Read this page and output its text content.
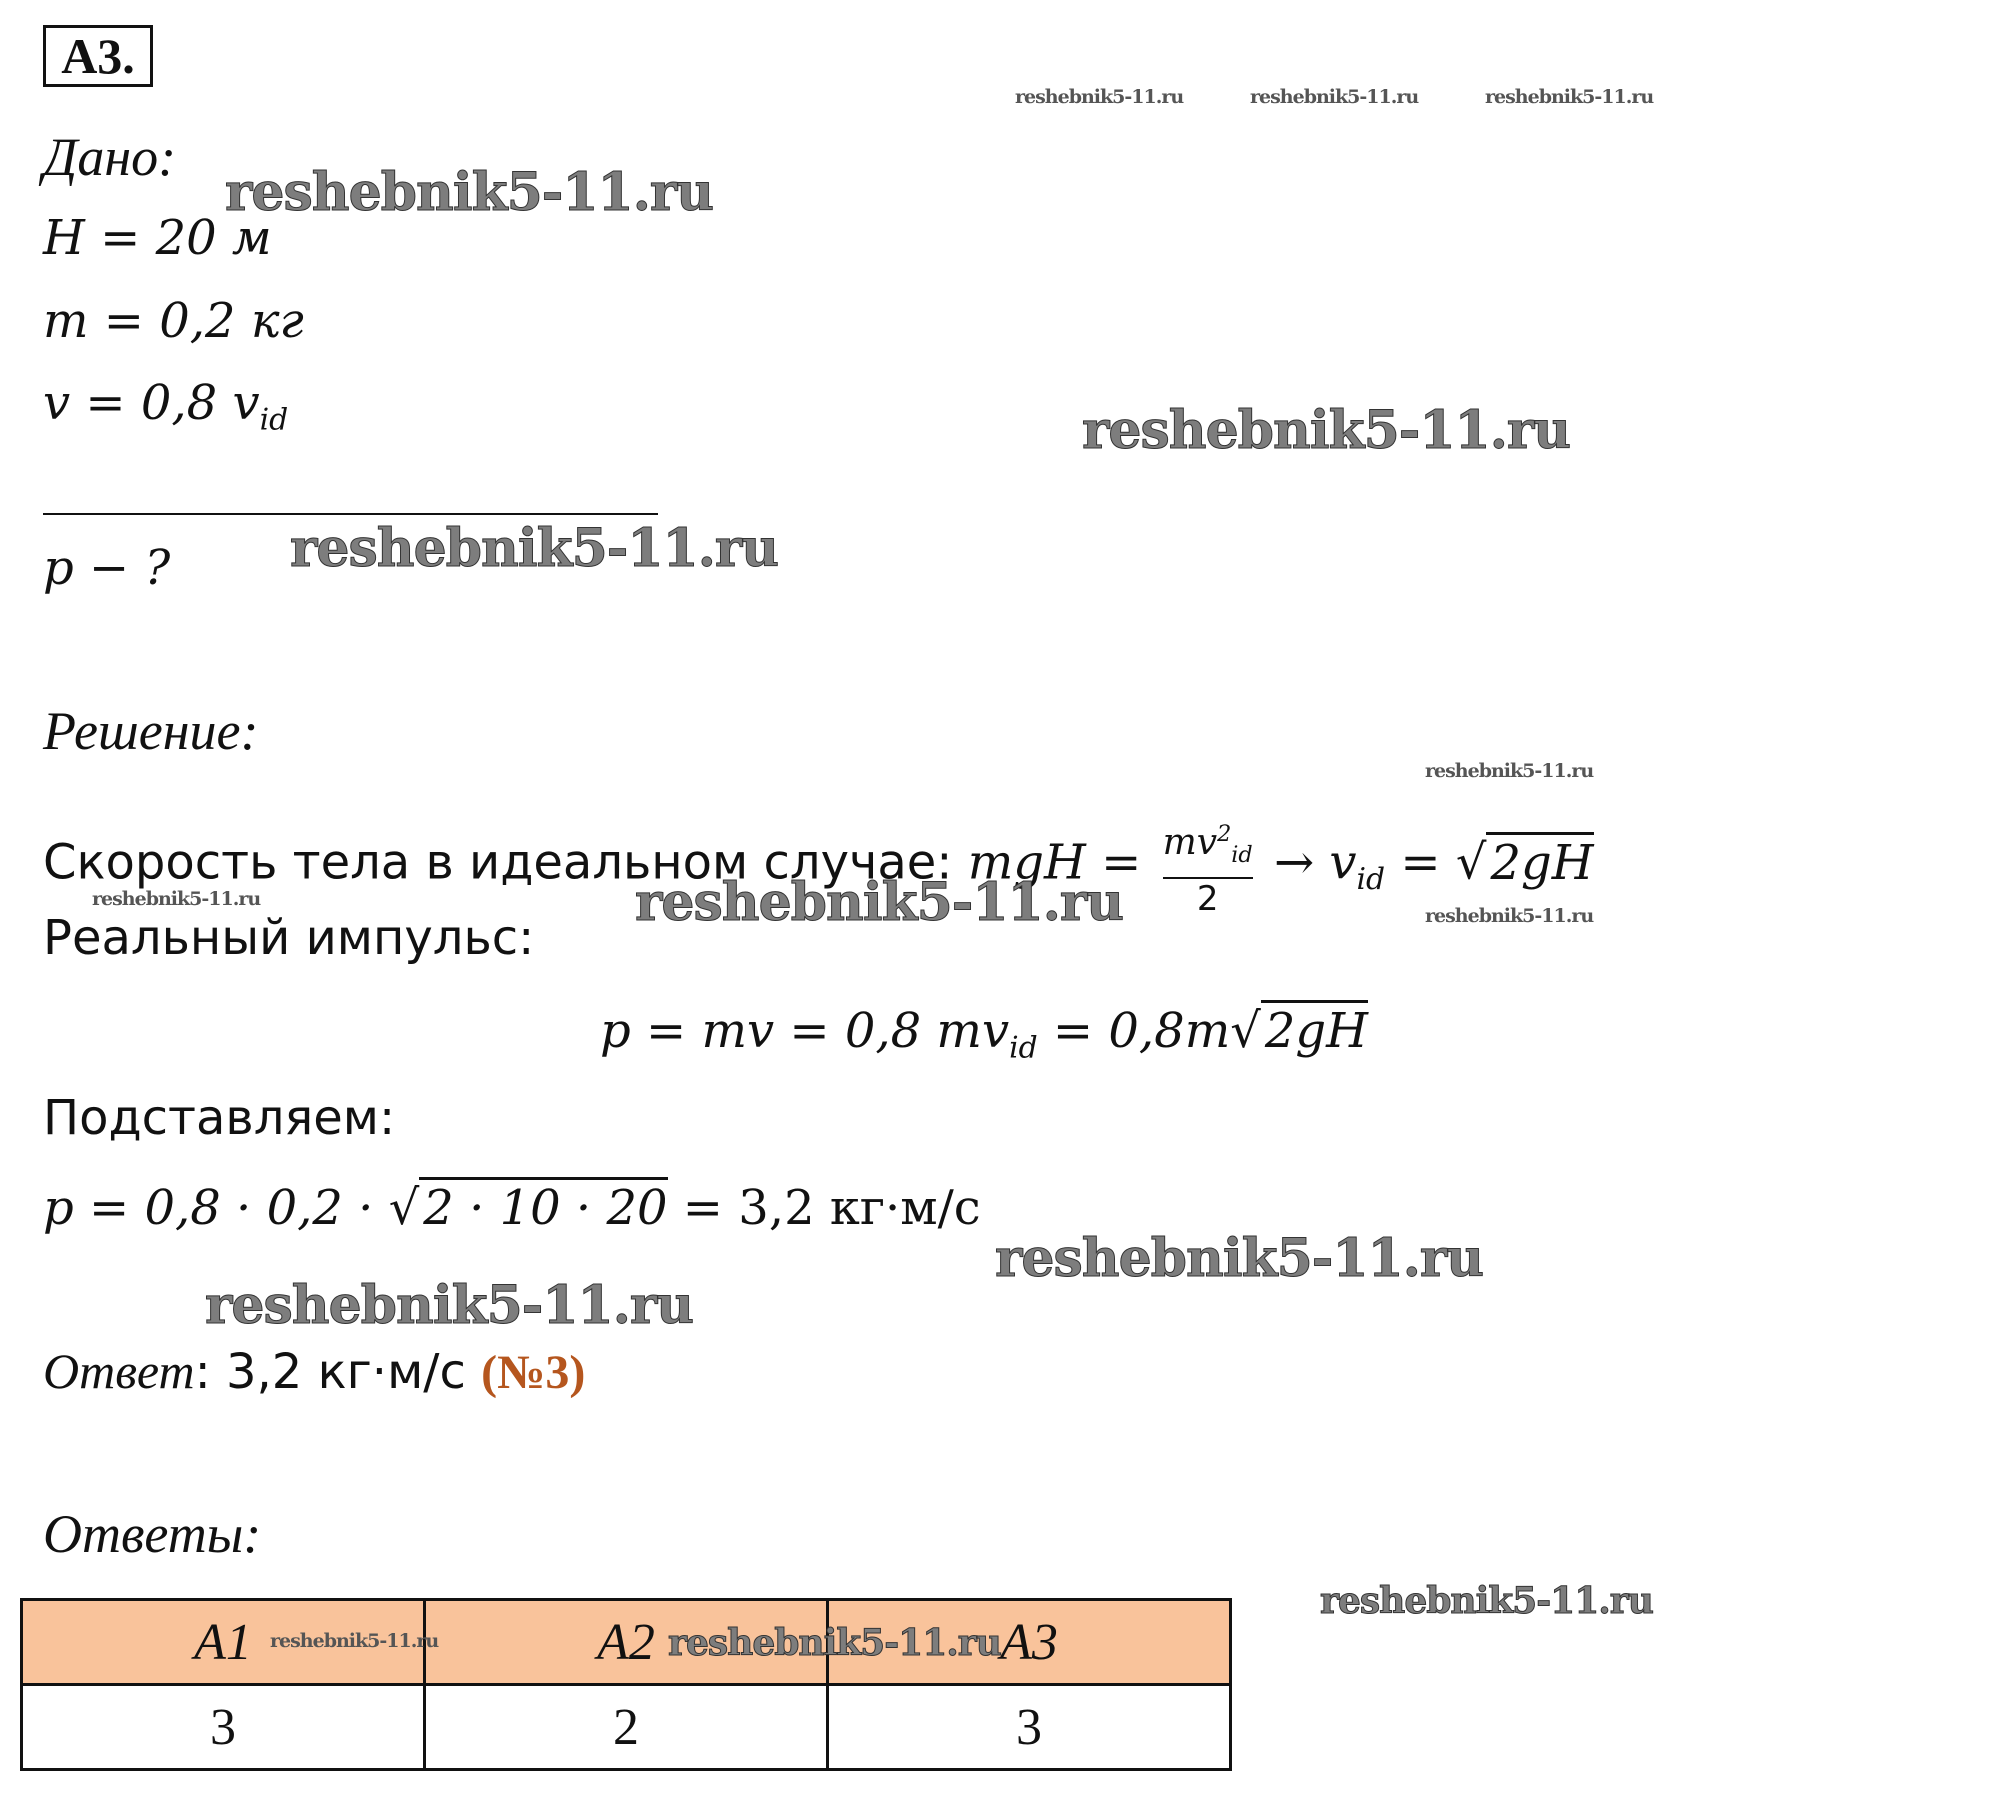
A3.
reshebnik5-11.ru	reshebnik5-11.ru	reshebnik5-11.ru
Дано:
reshebnik5-11.ru
H = 20 м
m = 0,2 кг
v = 0,8 $v_{id}$	reshebnik5-11.ru
p − ? reshebnik5-11.ru
Решение:
reshebnik5-11.ru
Скорость тела в идеальном случае: mgH = $\frac{mv^2_{id}}{2} \to v_{id} = √2gH$
reshebnik5-11.ru	reshebnik5-11.ru	reshebnik5-11.ru
Реальный импульс:
p = mv = 0,8 $mv_{id} = 0,8m√2gH$
Подставляем:
p = 0,8 · 0,2 · √2 · 10 · 20 = 3,2 кг·м/с
reshebnik5-11.ru
reshebnik5-11.ru
Ответ: 3,2 кг·м/с (№3)
Ответы:
reshebnik5-11.ru
A1	A2	A3
3	2	3
reshebnik5-11.ru	reshebnik5-11.ru
